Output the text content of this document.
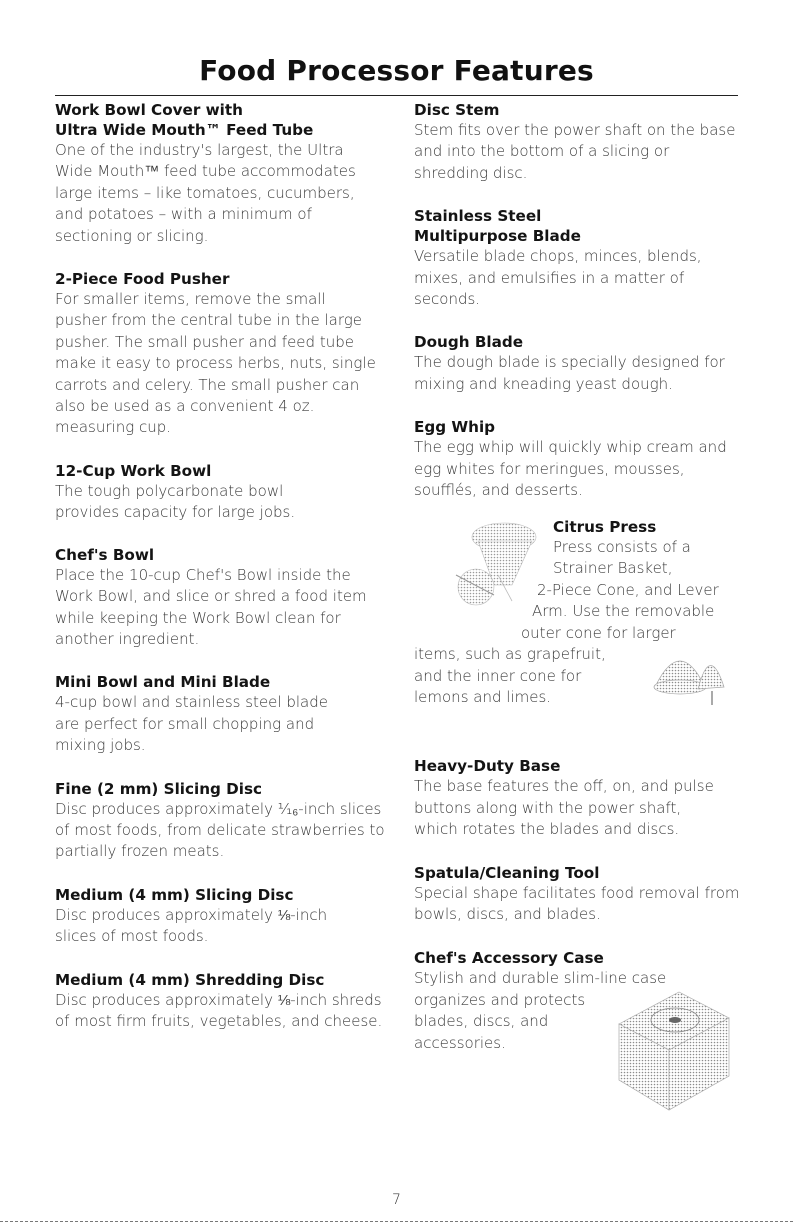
Food Processor Features
Work Bowl Cover with
Ultra Wide Mouth™ Feed Tube
One of the industry's largest, the Ultra Wide Mouth™ feed tube accommodates large items – like tomatoes, cucumbers, and potatoes – with a minimum of sectioning or slicing.
2-Piece Food Pusher
For smaller items, remove the small pusher from the central tube in the large pusher. The small pusher and feed tube make it easy to process herbs, nuts, single carrots and celery. The small pusher can also be used as a convenient 4 oz. measuring cup.
12-Cup Work Bowl
The tough polycarbonate bowl provides capacity for large jobs.
Chef's Bowl
Place the 10-cup Chef's Bowl inside the Work Bowl, and slice or shred a food item while keeping the Work Bowl clean for another ingredient.
Mini Bowl and Mini Blade
4-cup bowl and stainless steel blade are perfect for small chopping and mixing jobs.
Fine (2 mm) Slicing Disc
Disc produces approximately ¹⁄₁₆-inch slices of most foods, from delicate strawberries to partially frozen meats.
Medium (4 mm) Slicing Disc
Disc produces approximately ⅛-inch slices of most foods.
Medium (4 mm) Shredding Disc
Disc produces approximately ⅛-inch shreds of most firm fruits, vegetables, and cheese.
Disc Stem
Stem fits over the power shaft on the base and into the bottom of a slicing or shredding disc.
Stainless Steel
Multipurpose Blade
Versatile blade chops, minces, blends, mixes, and emulsifies in a matter of seconds.
Dough Blade
The dough blade is specially designed for mixing and kneading yeast dough.
Egg Whip
The egg whip will quickly whip cream and egg whites for meringues, mousses, soufflés, and desserts.
Citrus Press
Press consists of a
Strainer Basket,
2-Piece Cone, and Lever
Arm. Use the removable
outer cone for larger
items, such as grapefruit,
and the inner cone for
lemons and limes.
Heavy-Duty Base
The base features the off, on, and pulse buttons along with the power shaft, which rotates the blades and discs.
Spatula/Cleaning Tool
Special shape facilitates food removal from bowls, discs, and blades.
Chef's Accessory Case
Stylish and durable slim-line case
organizes and protects
blades, discs, and
accessories.
7
